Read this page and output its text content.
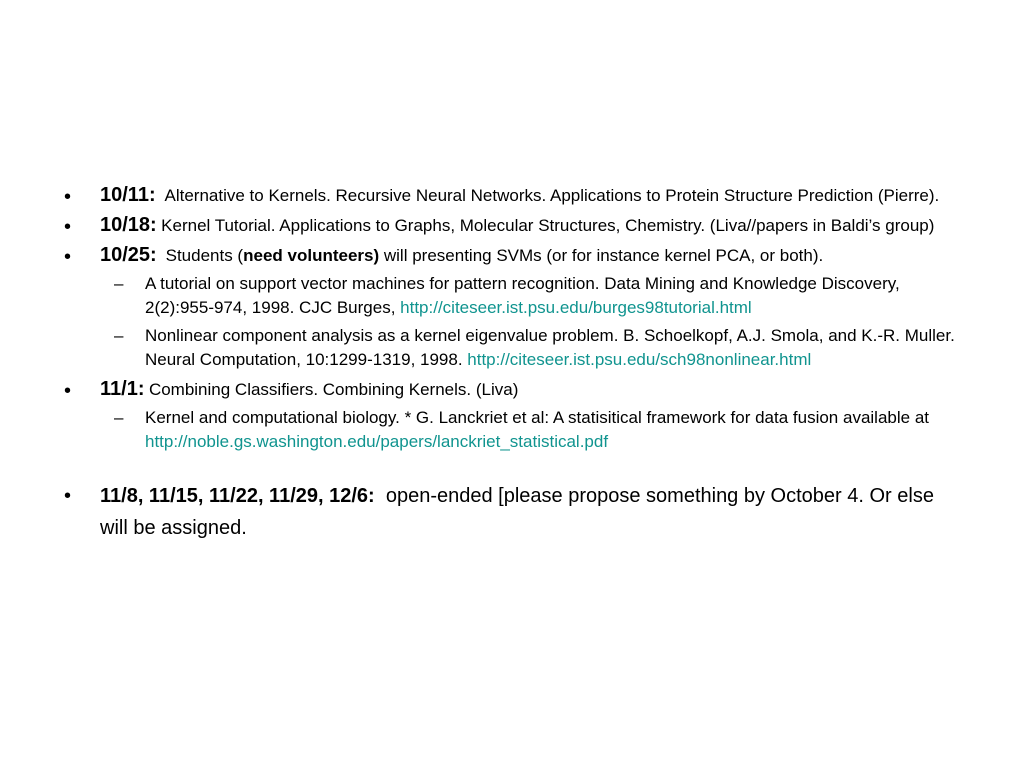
• 10/11: Alternative to Kernels. Recursive Neural Networks. Applications to Protein Structure Prediction (Pierre).
• 10/18: Kernel Tutorial. Applications to Graphs, Molecular Structures, Chemistry. (Liva//papers in Baldi’s group)
• 10/25: Students (need volunteers) will presenting SVMs (or for instance kernel PCA, or both).
– A tutorial on support vector machines for pattern recognition. Data Mining and Knowledge Discovery, 2(2):955-974, 1998. CJC Burges, http://citeseer.ist.psu.edu/burges98tutorial.html
– Nonlinear component analysis as a kernel eigenvalue problem. B. Schoelkopf, A.J. Smola, and K.-R. Muller. Neural Computation, 10:1299-1319, 1998. http://citeseer.ist.psu.edu/sch98nonlinear.html
• 11/1: Combining Classifiers. Combining Kernels. (Liva)
– Kernel and computational biology. * G. Lanckriet et al: A statisitical framework for data fusion available at http://noble.gs.washington.edu/papers/lanckriet_statistical.pdf
• 11/8, 11/15, 11/22, 11/29, 12/6: open-ended [please propose something by October 4. Or else will be assigned.
